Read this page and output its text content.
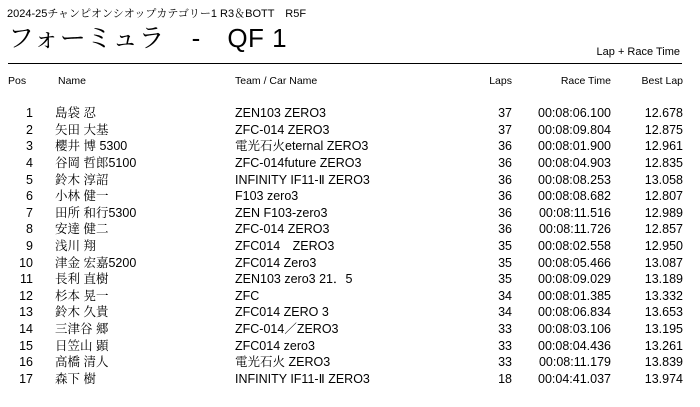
2024-25チャンピオンシオップカテゴリー1 R3＆BOTT　R5F
フォーミュラ　-　QF 1	Lap + Race Time
Pos	Name	Team / Car Name	Laps	Race Time	Best Lap

1	島袋 忍	ZEN103 ZERO3	37	00:08:06.100	12.678
2	矢田 大基	ZFC-014 ZERO3	37	00:08:09.804	12.875
3	櫻井 博 5300	電光石火eternal ZERO3	36	00:08:01.900	12.961
4	谷岡 哲郎5100	ZFC-014future ZERO3	36	00:08:04.903	12.835
5	鈴木 淳詔	INFINITY IF11-Ⅱ ZERO3	36	00:08:08.253	13.058
6	小林 健一	F103 zero3	36	00:08:08.682	12.807
7	田所 和行5300	ZEN F103-zero3	36	00:08:11.516	12.989
8	安達 健二	ZFC-014 ZERO3	36	00:08:11.726	12.857
9	浅川 翔	ZFC014　ZERO3	35	00:08:02.558	12.950
10	津金 宏嘉5200	ZFC014 Zero3	35	00:08:05.466	13.087
11	長利 直樹	ZEN103 zero3 21．5	35	00:08:09.029	13.189
12	杉本 晃一	ZFC	34	00:08:01.385	13.332
13	鈴木 久貴	ZFC014 ZERO 3	34	00:08:06.834	13.653
14	三津谷 郷	ZFC-014／ZERO3	33	00:08:03.106	13.195
15	日笠山 顕	ZFC014 zero3	33	00:08:04.436	13.261
16	高橋 清人	電光石火 ZERO3	33	00:08:11.179	13.839
17	森下 樹	INFINITY IF11-Ⅱ ZERO3	18	00:04:41.037	13.974
